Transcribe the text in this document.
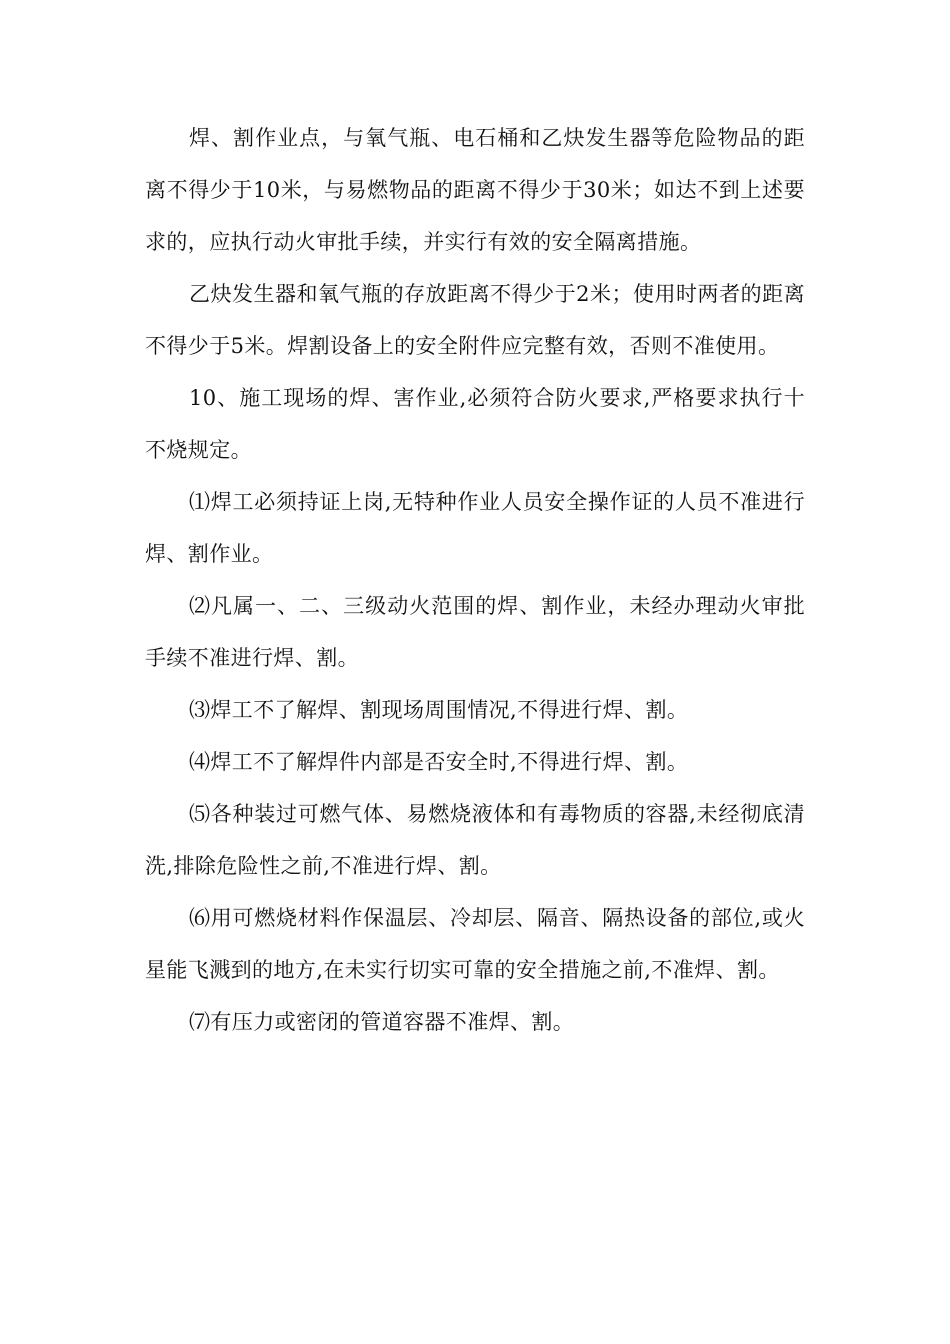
焊、割作业点，与氧气瓶、电石桶和乙炔发生器等危险物品的距离不得少于10米，与易燃物品的距离不得少于30米；如达不到上述要求的，应执行动火审批手续，并实行有效的安全隔离措施。

乙炔发生器和氧气瓶的存放距离不得少于2米；使用时两者的距离不得少于5米。焊割设备上的安全附件应完整有效，否则不准使用。

10、施工现场的焊、害作业,必须符合防火要求,严格要求执行十不烧规定。

⑴焊工必须持证上岗,无特种作业人员安全操作证的人员不准进行焊、割作业。

⑵凡属一、二、三级动火范围的焊、割作业，未经办理动火审批手续不准进行焊、割。

⑶焊工不了解焊、割现场周围情况,不得进行焊、割。

⑷焊工不了解焊件内部是否安全时,不得进行焊、割。

⑸各种装过可燃气体、易燃烧液体和有毒物质的容器,未经彻底清洗,排除危险性之前,不准进行焊、割。

⑹用可燃烧材料作保温层、冷却层、隔音、隔热设备的部位,或火星能飞溅到的地方,在未实行切实可靠的安全措施之前,不准焊、割。

⑺有压力或密闭的管道容器不准焊、割。
